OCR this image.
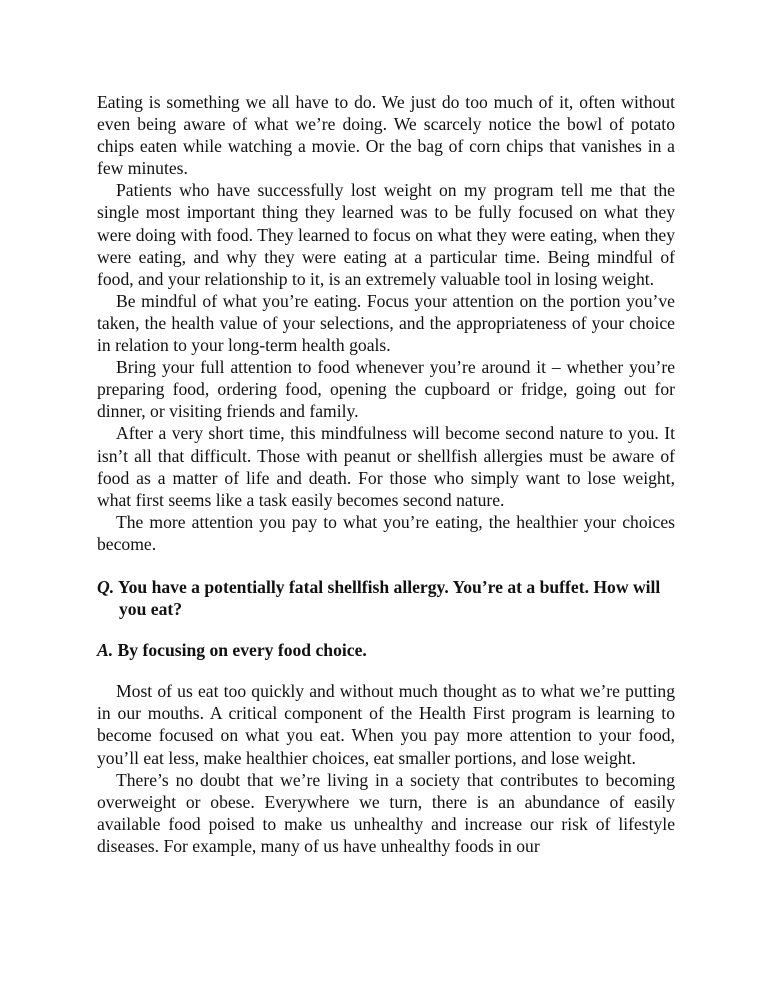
Eating is something we all have to do. We just do too much of it, often without even being aware of what we’re doing. We scarcely notice the bowl of potato chips eaten while watching a movie. Or the bag of corn chips that vanishes in a few minutes.

Patients who have successfully lost weight on my program tell me that the single most important thing they learned was to be fully focused on what they were doing with food. They learned to focus on what they were eating, when they were eating, and why they were eating at a particular time. Being mindful of food, and your relationship to it, is an extremely valuable tool in losing weight.

Be mindful of what you’re eating. Focus your attention on the portion you’ve taken, the health value of your selections, and the appropriateness of your choice in relation to your long-term health goals.

Bring your full attention to food whenever you’re around it – whether you’re preparing food, ordering food, opening the cupboard or fridge, going out for dinner, or visiting friends and family.

After a very short time, this mindfulness will become second nature to you. It isn’t all that difficult. Those with peanut or shellfish allergies must be aware of food as a matter of life and death. For those who simply want to lose weight, what first seems like a task easily becomes second nature.

The more attention you pay to what you’re eating, the healthier your choices become.

Q. You have a potentially fatal shellfish allergy. You’re at a buffet. How will you eat?

A. By focusing on every food choice.

Most of us eat too quickly and without much thought as to what we’re putting in our mouths. A critical component of the Health First program is learning to become focused on what you eat. When you pay more attention to your food, you’ll eat less, make healthier choices, eat smaller portions, and lose weight.

There’s no doubt that we’re living in a society that contributes to becoming overweight or obese. Everywhere we turn, there is an abundance of easily available food poised to make us unhealthy and increase our risk of lifestyle diseases. For example, many of us have unhealthy foods in our
